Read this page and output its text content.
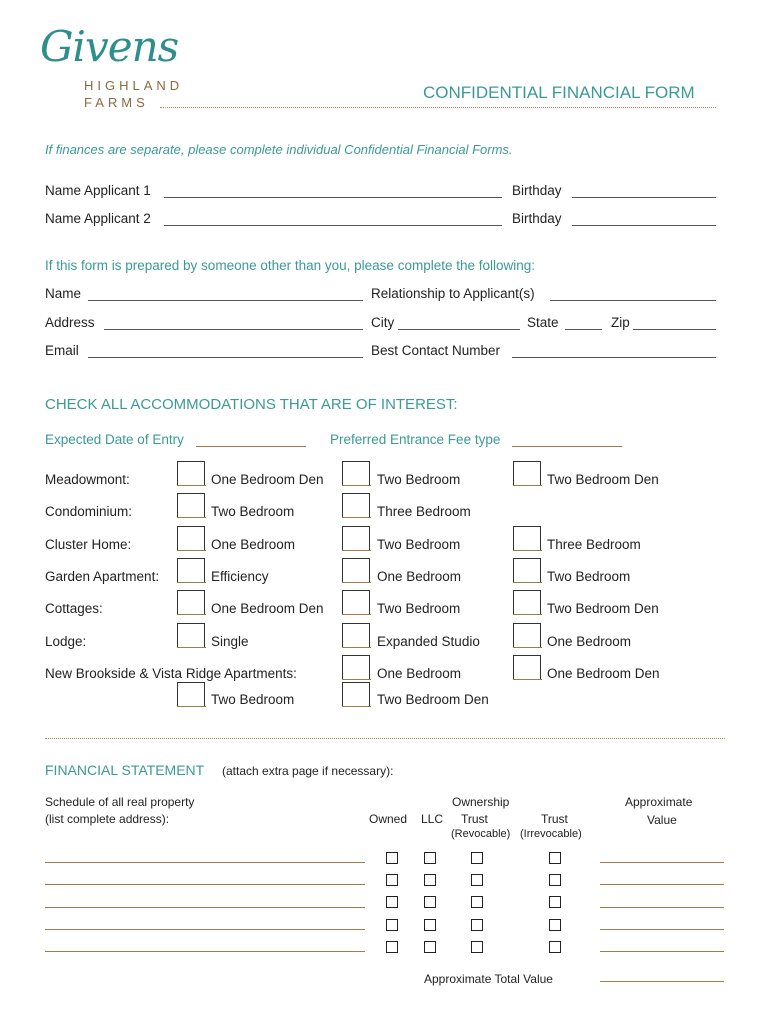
Givens
HIGHLAND
FARMS
CONFIDENTIAL FINANCIAL FORM
If finances are separate, please complete individual Confidential Financial Forms.
Name Applicant 1	Birthday
Name Applicant 2	Birthday
If this form is prepared by someone other than you, please complete the following:
Name	Relationship to Applicant(s)
Address	City	State	Zip
Email	Best Contact Number
CHECK ALL ACCOMMODATIONS THAT ARE OF INTEREST:
Expected Date of Entry	Preferred Entrance Fee type
Meadowmont:	One Bedroom Den	Two Bedroom	Two Bedroom Den
Condominium:	Two Bedroom	Three Bedroom
Cluster Home:	One Bedroom	Two Bedroom	Three Bedroom
Garden Apartment:	Efficiency	One Bedroom	Two Bedroom
Cottages:	One Bedroom Den	Two Bedroom	Two Bedroom Den
Lodge:	Single	Expanded Studio	One Bedroom
New Brookside & Vista Ridge Apartments:	One Bedroom	One Bedroom Den
Two Bedroom	Two Bedroom Den
FINANCIAL STATEMENT (attach extra page if necessary):
Schedule of all real property
(list complete address):
Ownership
Owned LLC Trust	Trust
(Revocable) (Irrevocable)
Approximate
Value
Approximate Total Value
